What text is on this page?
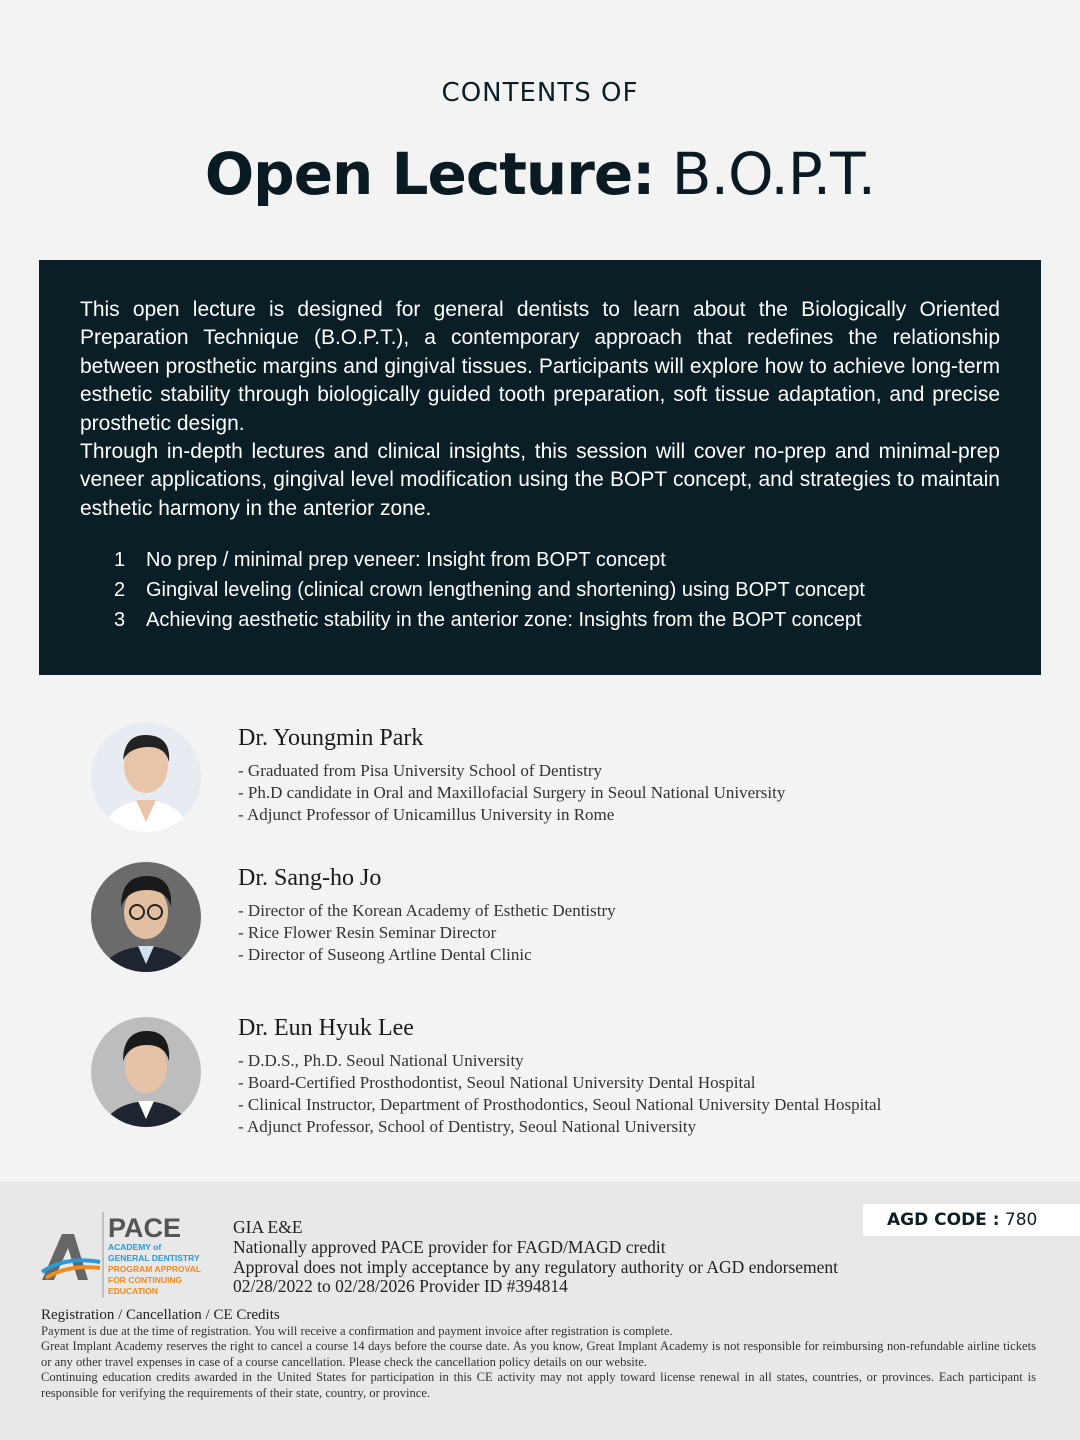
CONTENTS OF
Open Lecture: B.O.P.T.

This open lecture is designed for general dentists to learn about the Biologically Oriented Preparation Technique (B.O.P.T.), a contemporary approach that redefines the relationship between prosthetic margins and gingival tissues. Participants will explore how to achieve long-term esthetic stability through biologically guided tooth preparation, soft tissue adaptation, and precise prosthetic design.

Through in-depth lectures and clinical insights, this session will cover no-prep and minimal-prep veneer applications, gingival level modification using the BOPT concept, and strategies to maintain esthetic harmony in the anterior zone.

1	No prep / minimal prep veneer: Insight from BOPT concept
2	Gingival leveling (clinical crown lengthening and shortening) using BOPT concept
3	Achieving aesthetic stability in the anterior zone: Insights from the BOPT concept
Dr. Youngmin Park
- Graduated from Pisa University School of Dentistry
- Ph.D candidate in Oral and Maxillofacial Surgery in Seoul National University
- Adjunct Professor of Unicamillus University in Rome
Dr. Sang-ho Jo
- Director of the Korean Academy of Esthetic Dentistry
- Rice Flower Resin Seminar Director
- Director of Suseong Artline Dental Clinic
Dr. Eun Hyuk Lee
- D.D.S., Ph.D. Seoul National University
- Board-Certified Prosthodontist, Seoul National University Dental Hospital
- Clinical Instructor, Department of Prosthodontics, Seoul National University Dental Hospital
- Adjunct Professor, School of Dentistry, Seoul National University
AGD CODE : 780
PACE
ACADEMY of
GENERAL DENTISTRY
PROGRAM APPROVAL
FOR CONTINUING
EDUCATION
GIA E&E
Nationally approved PACE provider for FAGD/MAGD credit
Approval does not imply acceptance by any regulatory authority or AGD endorsement
02/28/2022 to 02/28/2026 Provider ID #394814
Registration / Cancellation / CE Credits

Payment is due at the time of registration. You will receive a confirmation and payment invoice after registration is complete.

Great Implant Academy reserves the right to cancel a course 14 days before the course date. As you know, Great Implant Academy is not responsible for reimbursing non-refundable airline tickets or any other travel expenses in case of a course cancellation. Please check the cancellation policy details on our website.

Continuing education credits awarded in the United States for participation in this CE activity may not apply toward license renewal in all states, countries, or provinces. Each participant is responsible for verifying the requirements of their state, country, or province.
